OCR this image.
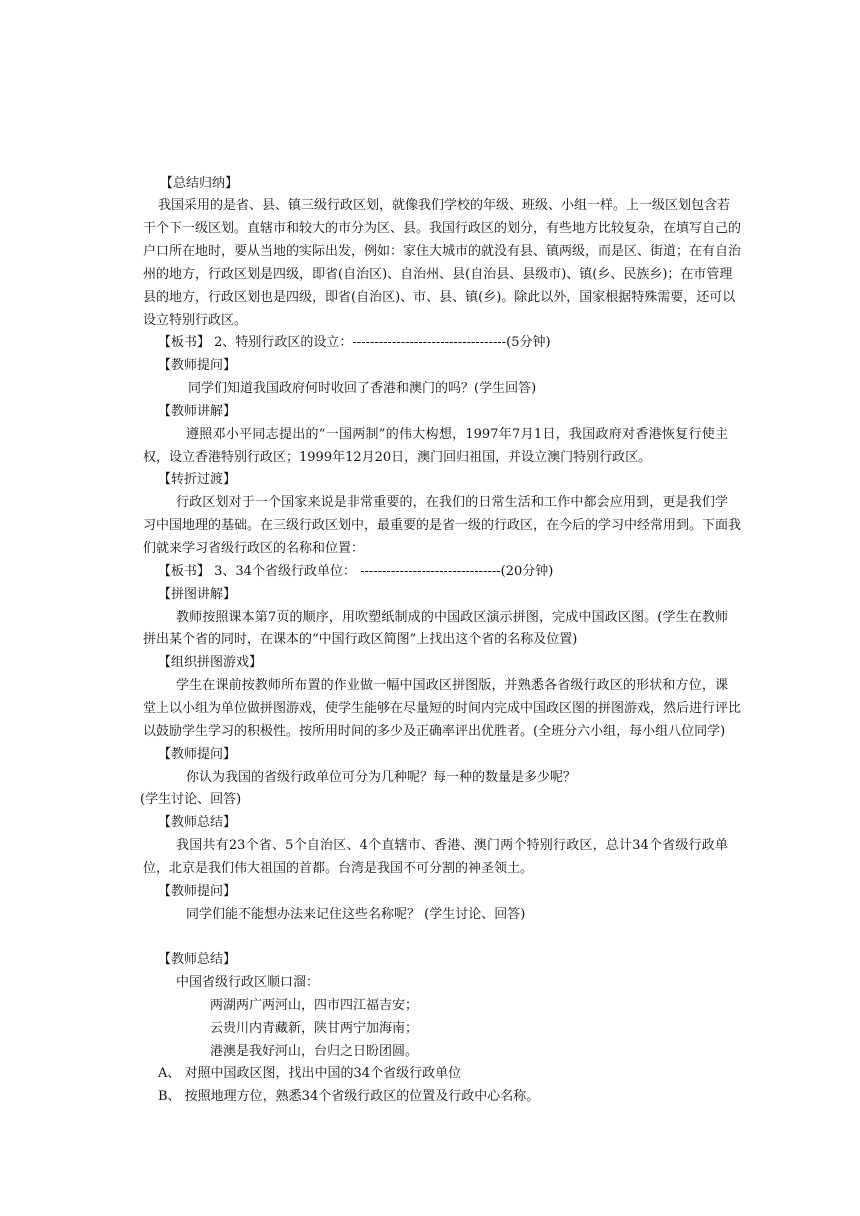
【总结归纳】
我国采用的是省、县、镇三级行政区划，就像我们学校的年级、班级、小组一样。上一级区划包含若
干个下一级区划。直辖市和较大的市分为区、县。我国行政区的划分，有些地方比较复杂，在填写自己的
户口所在地时，要从当地的实际出发，例如：家住大城市的就没有县、镇两级，而是区、街道；在有自治
州的地方，行政区划是四级，即省(自治区)、自治州、县(自治县、县级市)、镇(乡、民族乡)；在市管理
县的地方，行政区划也是四级，即省(自治区)、市、县、镇(乡)。除此以外，国家根据特殊需要，还可以
设立特别行政区。
【板书】 2、特别行政区的设立：-----------------------------------(5分钟)
【教师提问】
同学们知道我国政府何时收回了香港和澳门的吗？(学生回答)
【教师讲解】
遵照邓小平同志提出的“一国两制”的伟大构想，1997年7月1日，我国政府对香港恢复行使主
权，设立香港特别行政区；1999年12月20日，澳门回归祖国，并设立澳门特别行政区。
【转折过渡】
行政区划对于一个国家来说是非常重要的，在我们的日常生活和工作中都会应用到，更是我们学
习中国地理的基础。在三级行政区划中，最重要的是省一级的行政区，在今后的学习中经常用到。下面我
们就来学习省级行政区的名称和位置：
【板书】 3、34个省级行政单位： --------------------------------(20分钟)
【拼图讲解】
教师按照课本第7页的顺序，用吹塑纸制成的中国政区演示拼图，完成中国政区图。(学生在教师
拼出某个省的同时，在课本的“中国行政区简图”上找出这个省的名称及位置)
【组织拼图游戏】
学生在课前按教师所布置的作业做一幅中国政区拼图版，并熟悉各省级行政区的形状和方位，课
堂上以小组为单位做拼图游戏，使学生能够在尽量短的时间内完成中国政区图的拼图游戏，然后进行评比
以鼓励学生学习的积极性。按所用时间的多少及正确率评出优胜者。(全班分六小组，每小组八位同学)
【教师提问】
你认为我国的省级行政单位可分为几种呢？每一种的数量是多少呢？
(学生讨论、回答)
【教师总结】
我国共有23个省、5个自治区、4个直辖市、香港、澳门两个特别行政区，总计34个省级行政单
位，北京是我们伟大祖国的首都。台湾是我国不可分割的神圣领土。
【教师提问】
同学们能不能想办法来记住这些名称呢？ (学生讨论、回答)
【教师总结】
中国省级行政区顺口溜：
两湖两广两河山，四市四江福吉安；
云贵川内青藏新，陕甘两宁加海南；
港澳是我好河山，台归之日盼团圆。
A、 对照中国政区图，找出中国的34个省级行政单位
B、 按照地理方位，熟悉34个省级行政区的位置及行政中心名称。
